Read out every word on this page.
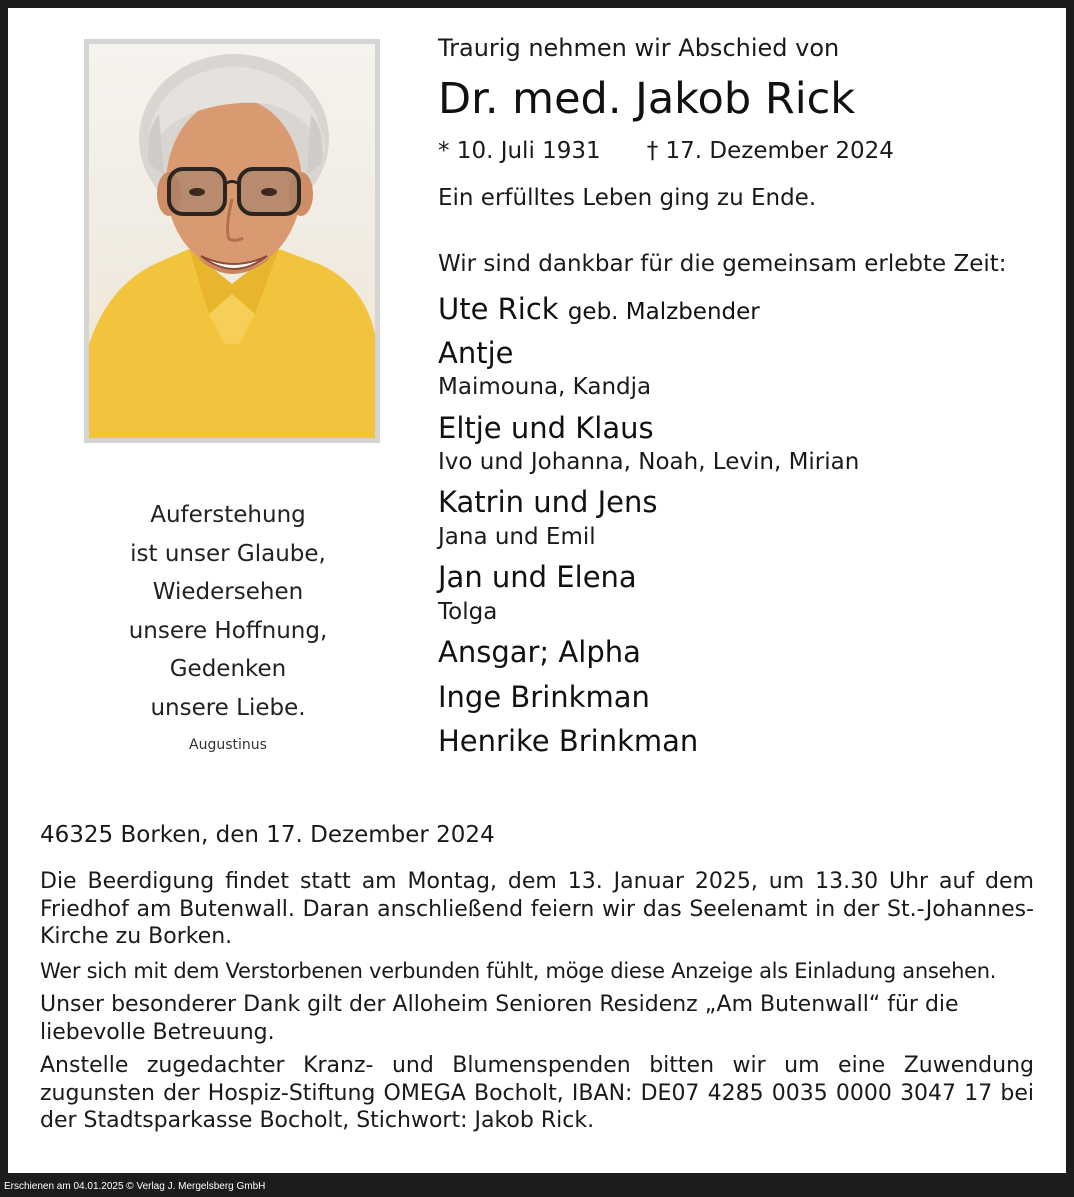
Auferstehung
ist unser Glaube,
Wiedersehen
unsere Hoffnung,
Gedenken
unsere Liebe.
Augustinus
Traurig nehmen wir Abschied von
Dr. med. Jakob Rick
* 10. Juli 1931 † 17. Dezember 2024
Ein erfülltes Leben ging zu Ende.
Wir sind dankbar für die gemeinsam erlebte Zeit:
Ute Rick geb. Malzbender
Antje
Maimouna, Kandja
Eltje und Klaus
Ivo und Johanna, Noah, Levin, Mirian
Katrin und Jens
Jana und Emil
Jan und Elena
Tolga
Ansgar; Alpha
Inge Brinkman
Henrike Brinkman
46325 Borken, den 17. Dezember 2024
Die Beerdigung findet statt am Montag, dem 13. Januar 2025, um 13.30 Uhr auf dem Friedhof am Butenwall. Daran anschließend feiern wir das Seelenamt in der St.-Johannes-Kirche zu Borken.
Wer sich mit dem Verstorbenen verbunden fühlt, möge diese Anzeige als Einladung ansehen.
Unser besonderer Dank gilt der Alloheim Senioren Residenz „Am Butenwall“ für die liebevolle Betreuung.
Anstelle zugedachter Kranz- und Blumenspenden bitten wir um eine Zuwendung zugunsten der Hospiz-Stiftung OMEGA Bocholt, IBAN: DE07 4285 0035 0000 3047 17 bei der Stadtsparkasse Bocholt, Stichwort: Jakob Rick.
Erschienen am 04.01.2025 © Verlag J. Mergelsberg GmbH
